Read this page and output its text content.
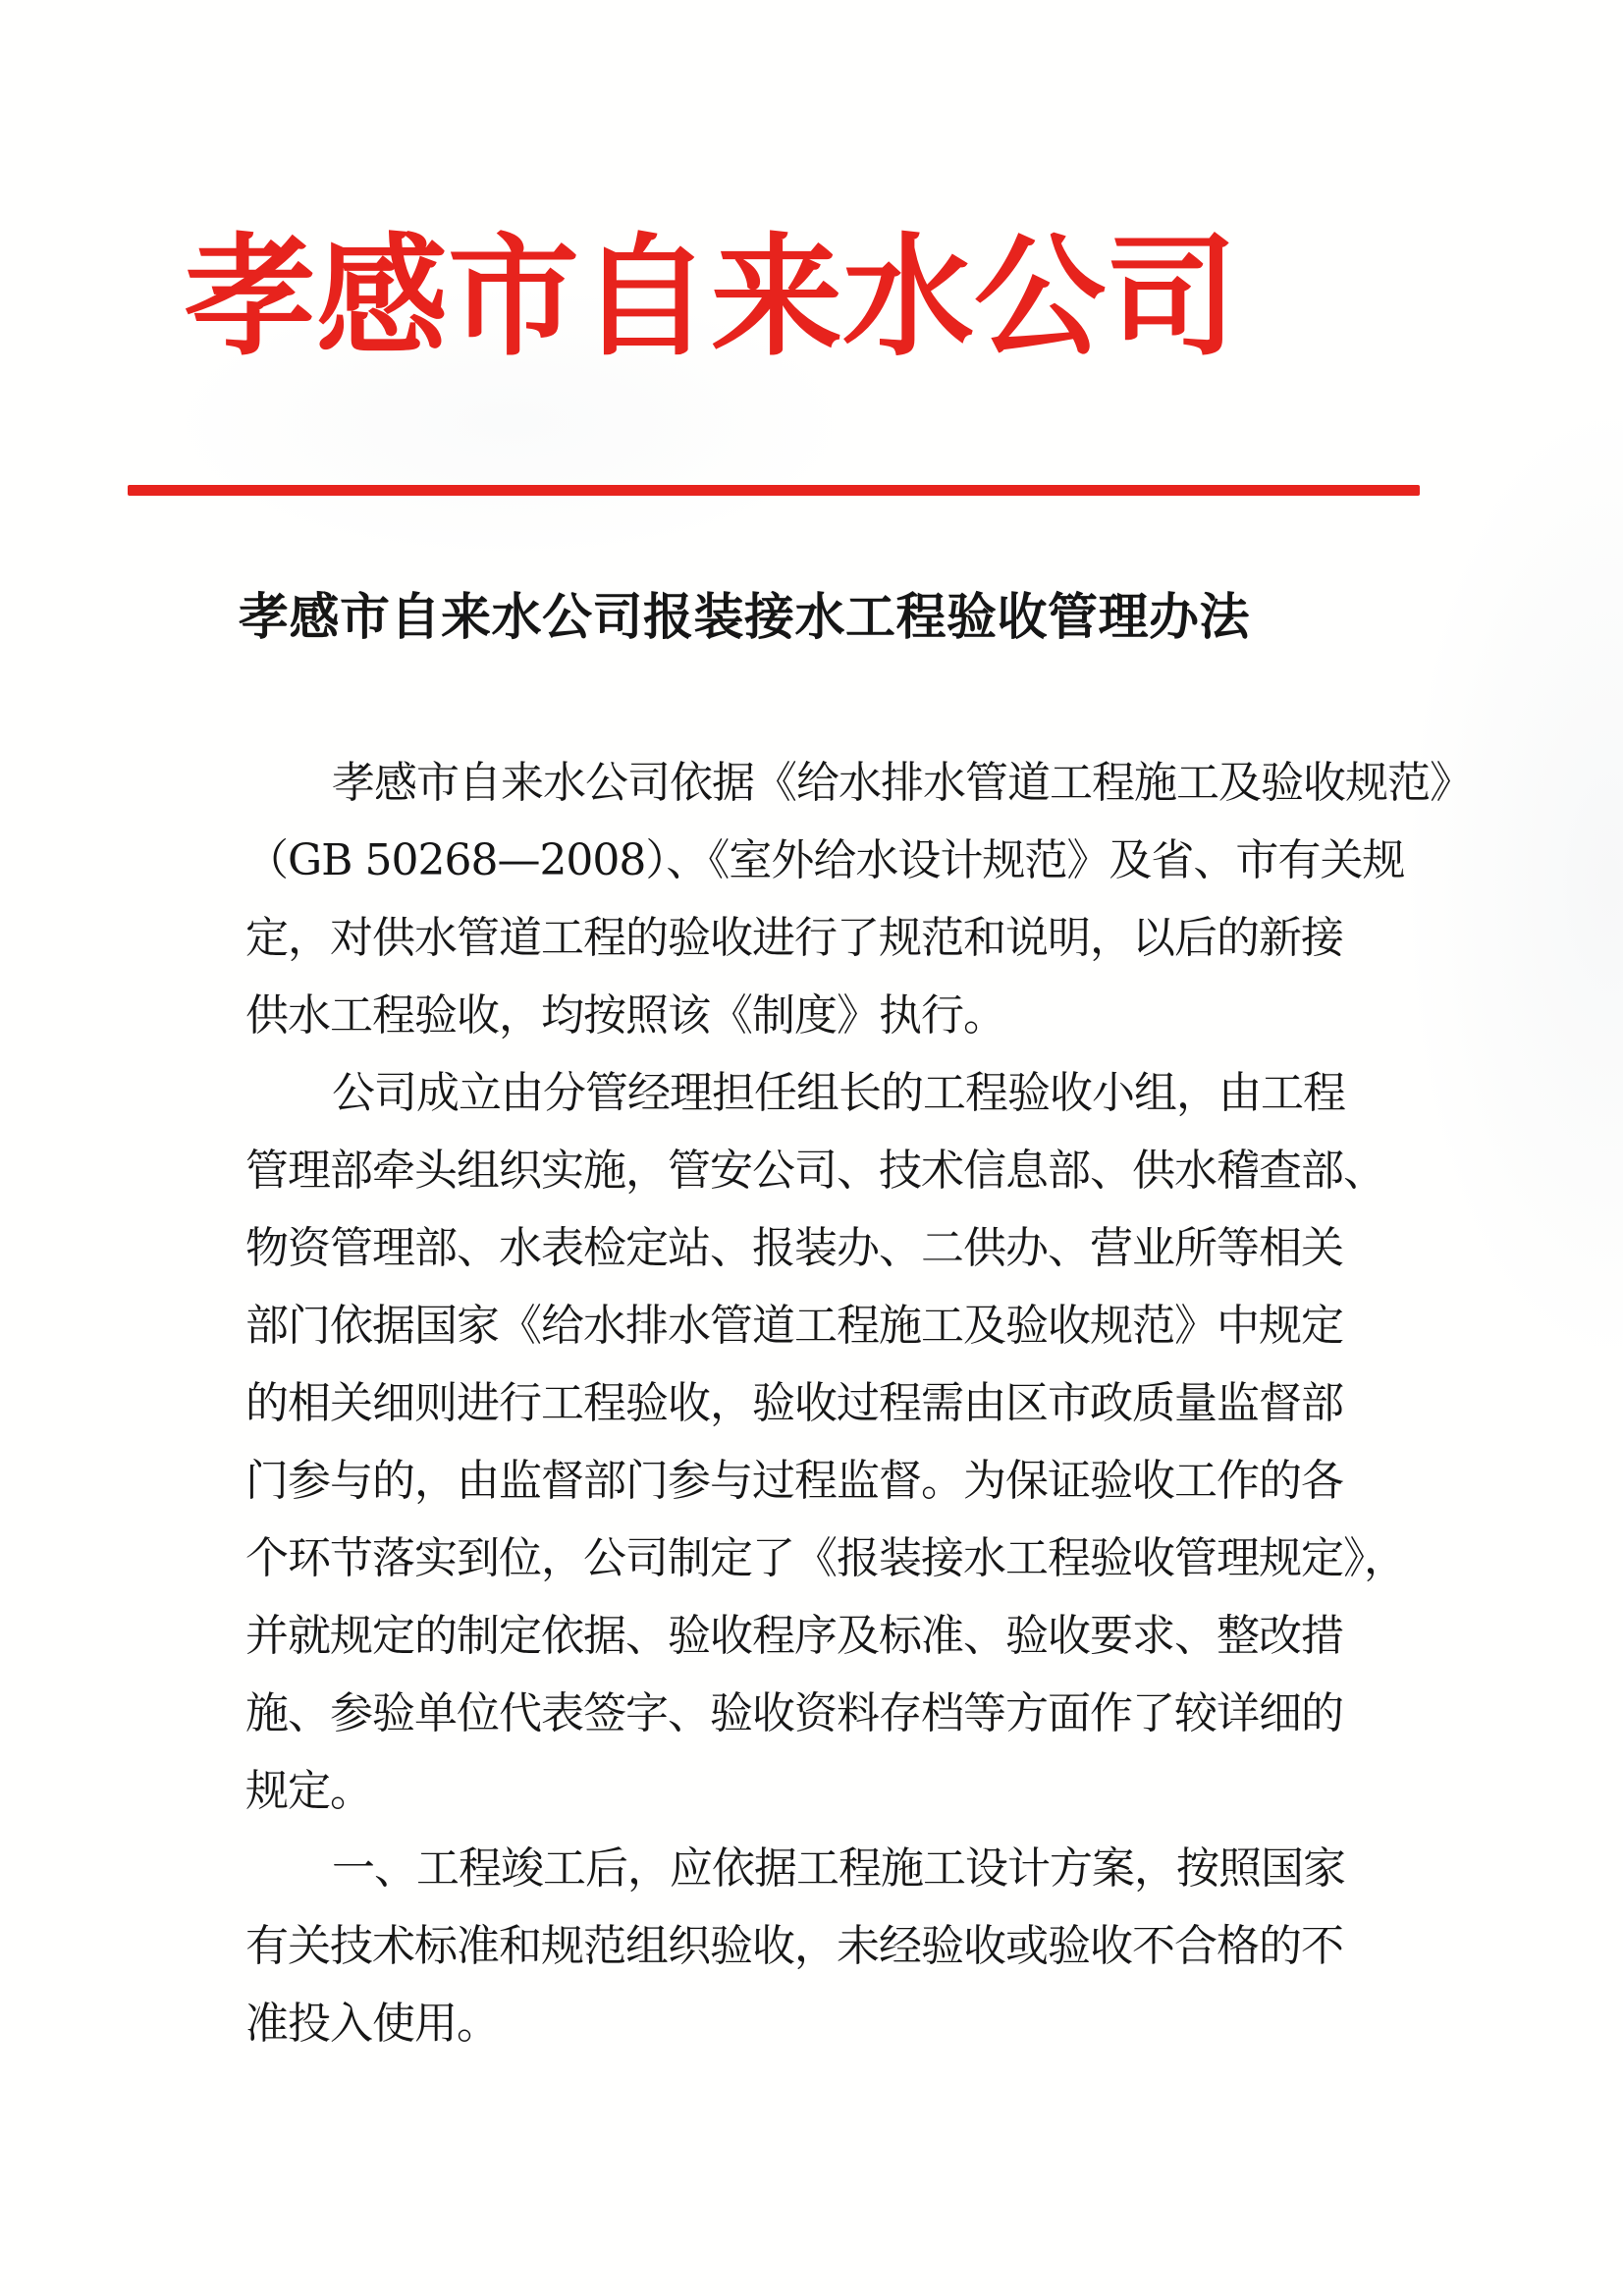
孝感市自来水公司
孝感市自来水公司报装接水工程验收管理办法
孝感市自来水公司依据《给水排水管道工程施工及验收规范》
（GB 50268—2008）、《室外给水设计规范》及省、市有关规
定，对供水管道工程的验收进行了规范和说明，以后的新接
供水工程验收，均按照该《制度》执行。
公司成立由分管经理担任组长的工程验收小组，由工程
管理部牵头组织实施，管安公司、技术信息部、供水稽查部、
物资管理部、水表检定站、报装办、二供办、营业所等相关
部门依据国家《给水排水管道工程施工及验收规范》中规定
的相关细则进行工程验收，验收过程需由区市政质量监督部
门参与的，由监督部门参与过程监督。为保证验收工作的各
个环节落实到位，公司制定了《报装接水工程验收管理规定》，
并就规定的制定依据、验收程序及标准、验收要求、整改措
施、参验单位代表签字、验收资料存档等方面作了较详细的
规定。
一、工程竣工后，应依据工程施工设计方案，按照国家
有关技术标准和规范组织验收，未经验收或验收不合格的不
准投入使用。
